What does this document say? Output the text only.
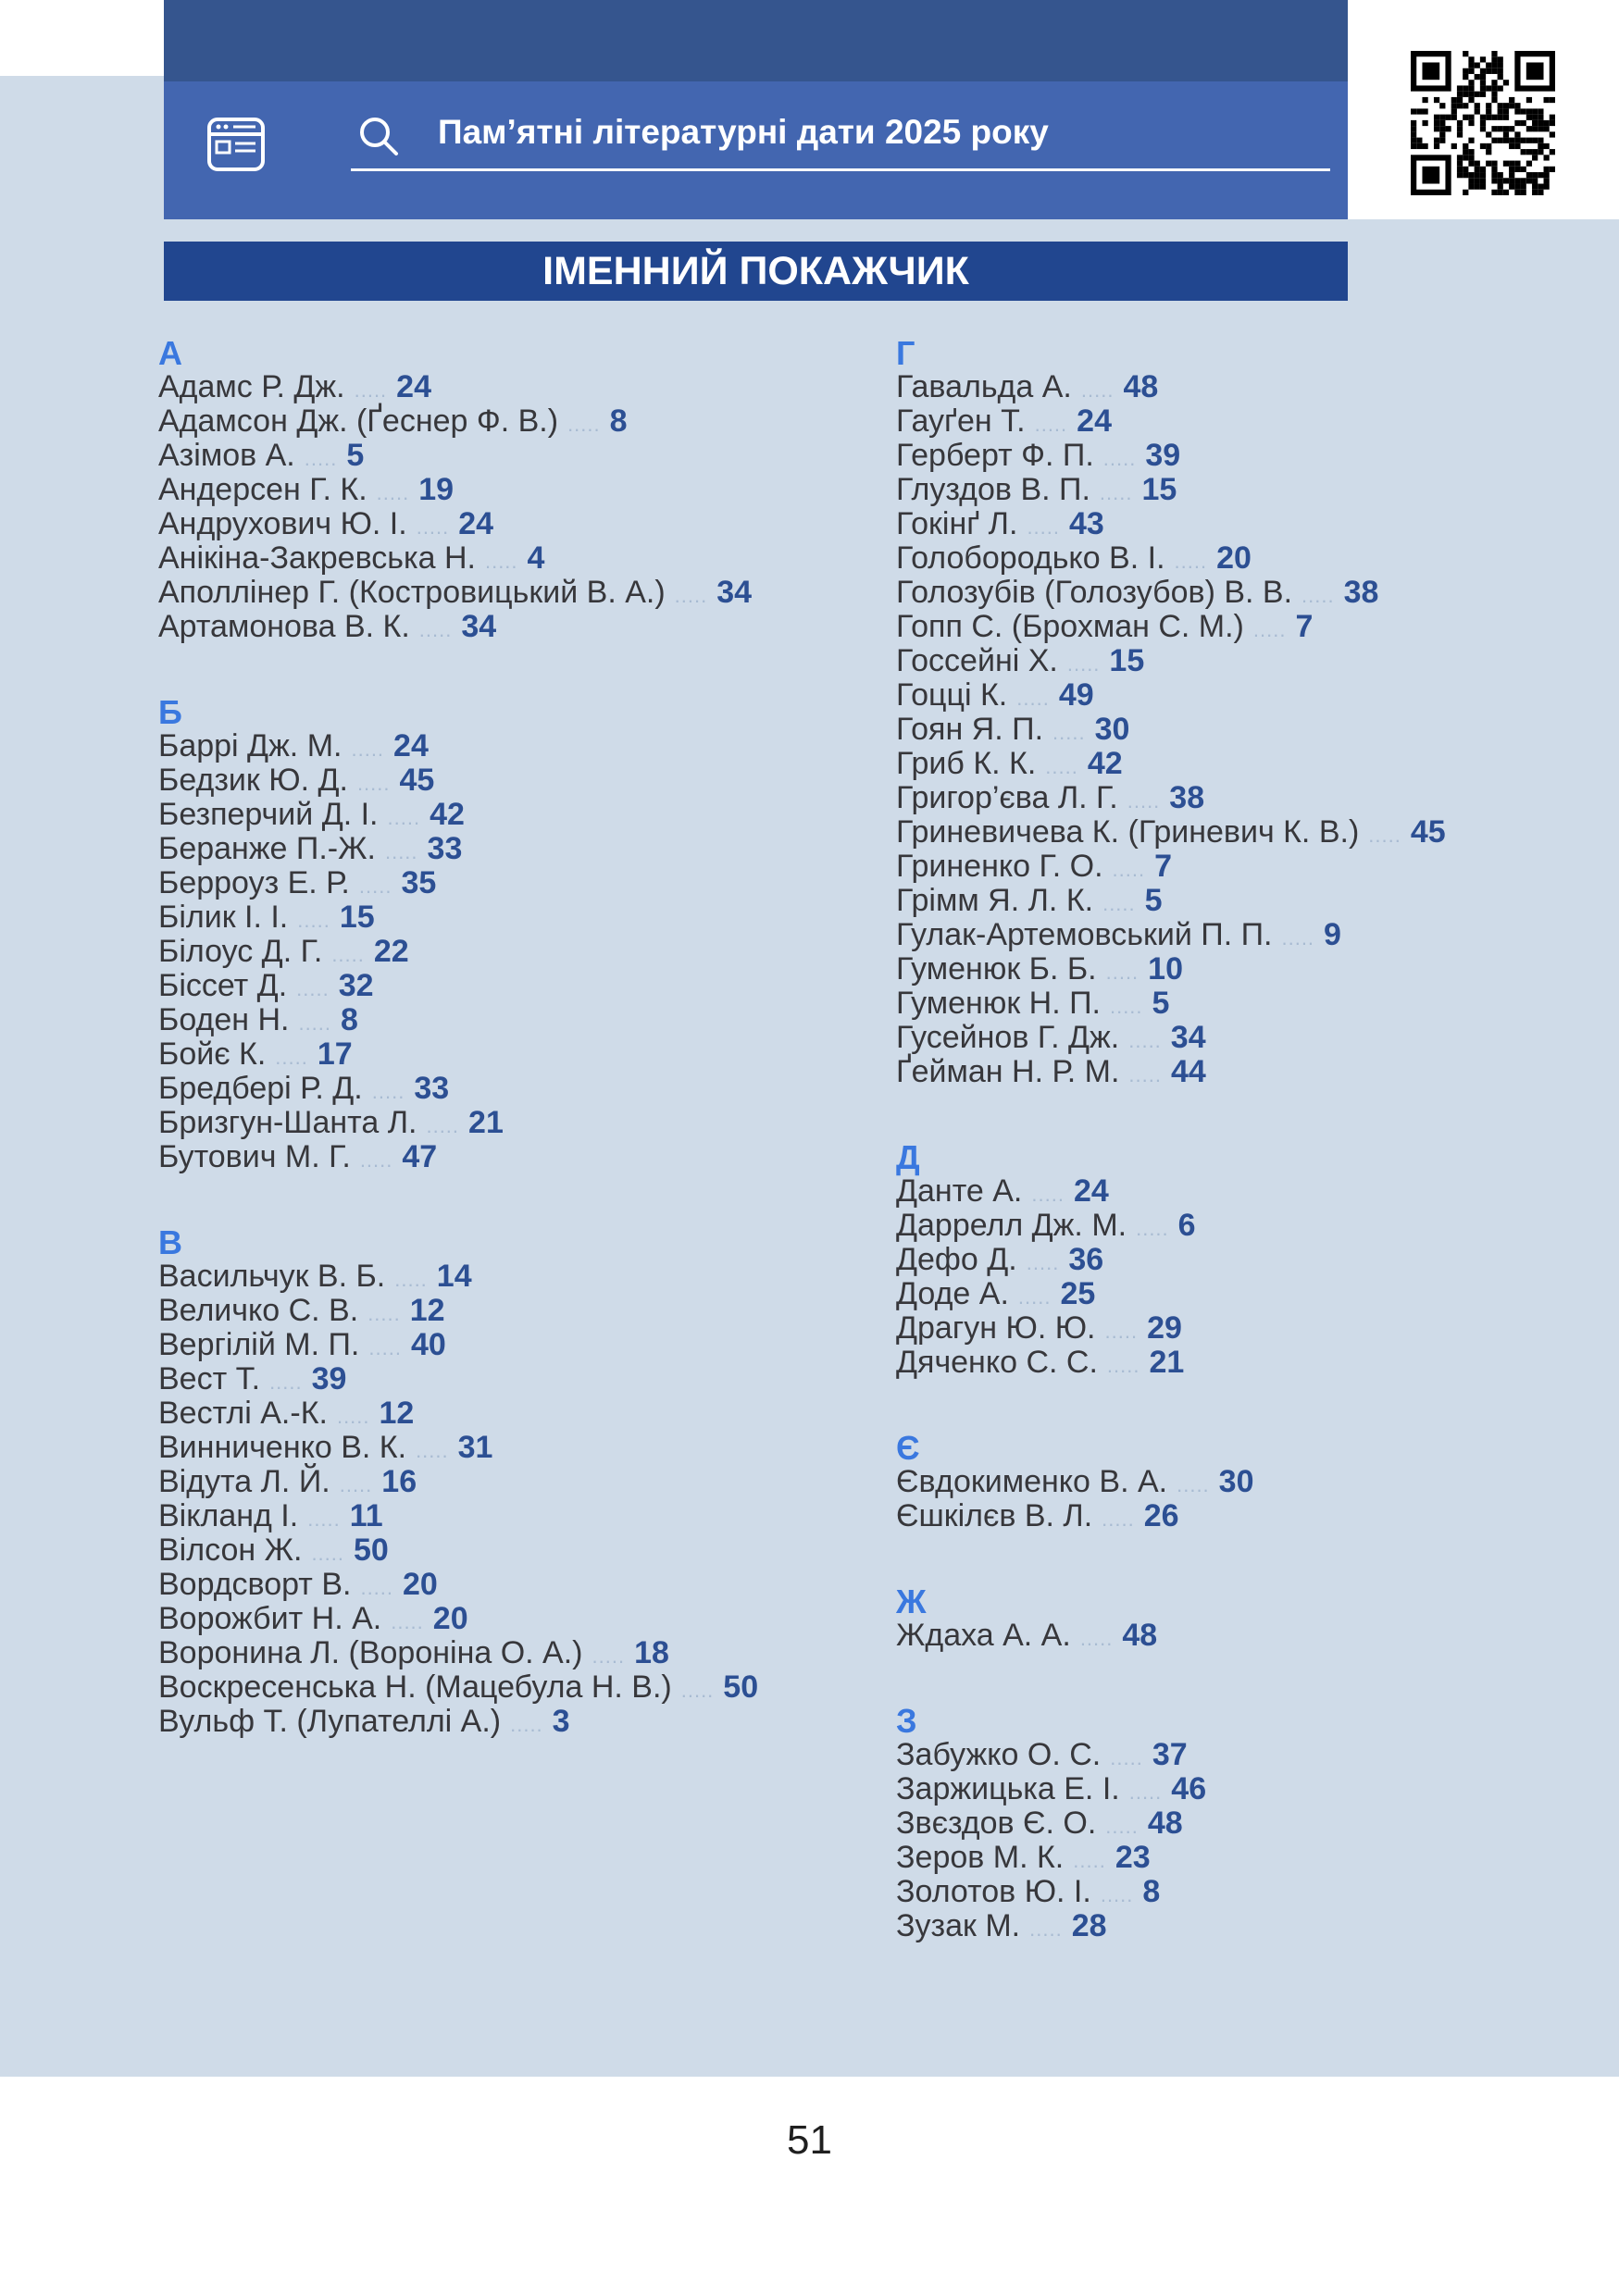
Пам’ятні літературні дати 2025 року
ІМЕННИЙ ПОКАЖЧИК
А
Адамс Р. Дж. ..... 24
Адамсон Дж. (Ґеснер Ф. В.) ..... 8
Азімов А. ..... 5
Андерсен Г. К. ..... 19
Андрухович Ю. І. ..... 24
Анікіна-Закревська Н. ..... 4
Аполлінер Г. (Костровицький В. А.) ..... 34
Артамонова В. К. ..... 34
Б
Баррі Дж. М. ..... 24
Бедзик Ю. Д. ..... 45
Безперчий Д. І. ..... 42
Беранже П.-Ж. ..... 33
Берроуз Е. Р. ..... 35
Білик І. І. ..... 15
Білоус Д. Г. ..... 22
Біссет Д. ..... 32
Боден Н. ..... 8
Бойє К. ..... 17
Бредбері Р. Д. ..... 33
Бризгун-Шанта Л. ..... 21
Бутович М. Г. ..... 47
В
Васильчук В. Б. ..... 14
Величко С. В. ..... 12
Вергілій М. П. ..... 40
Вест Т. ..... 39
Вестлі А.-К. ..... 12
Винниченко В. К. ..... 31
Відута Л. Й. ..... 16
Вікланд І. ..... 11
Вілсон Ж. ..... 50
Вордсворт В. ..... 20
Ворожбит Н. А. ..... 20
Воронина Л. (Вороніна О. А.) ..... 18
Воскресенська Н. (Мацебула Н. В.) ..... 50
Вульф Т. (Лупателлі А.) ..... 3
Г
Гавальда А. ..... 48
Гауґен Т. ..... 24
Герберт Ф. П. ..... 39
Глуздов В. П. ..... 15
Гокінґ Л. ..... 43
Голобородько В. І. ..... 20
Голозубів (Голозубов) В. В. ..... 38
Гопп С. (Брохман С. М.) ..... 7
Госсейні Х. ..... 15
Гоцці К. ..... 49
Гоян Я. П. ..... 30
Гриб К. К. ..... 42
Григор’єва Л. Г. ..... 38
Гриневичева К. (Гриневич К. В.) ..... 45
Гриненко Г. О. ..... 7
Грімм Я. Л. К. ..... 5
Гулак-Артемовський П. П. ..... 9
Гуменюк Б. Б. ..... 10
Гуменюк Н. П. ..... 5
Гусейнов Г. Дж. ..... 34
Ґейман Н. Р. М. ..... 44
Д
Данте А. ..... 24
Даррелл Дж. М. ..... 6
Дефо Д. ..... 36
Доде А. ..... 25
Драгун Ю. Ю. ..... 29
Дяченко С. С. ..... 21
Є
Євдокименко В. А. ..... 30
Єшкілєв В. Л. ..... 26
Ж
Ждаха А. А. ..... 48
З
Забужко О. С. ..... 37
Заржицька Е. І. ..... 46
Звєздов Є. О. ..... 48
Зеров М. К. ..... 23
Золотов Ю. І. ..... 8
Зузак М. ..... 28
51
